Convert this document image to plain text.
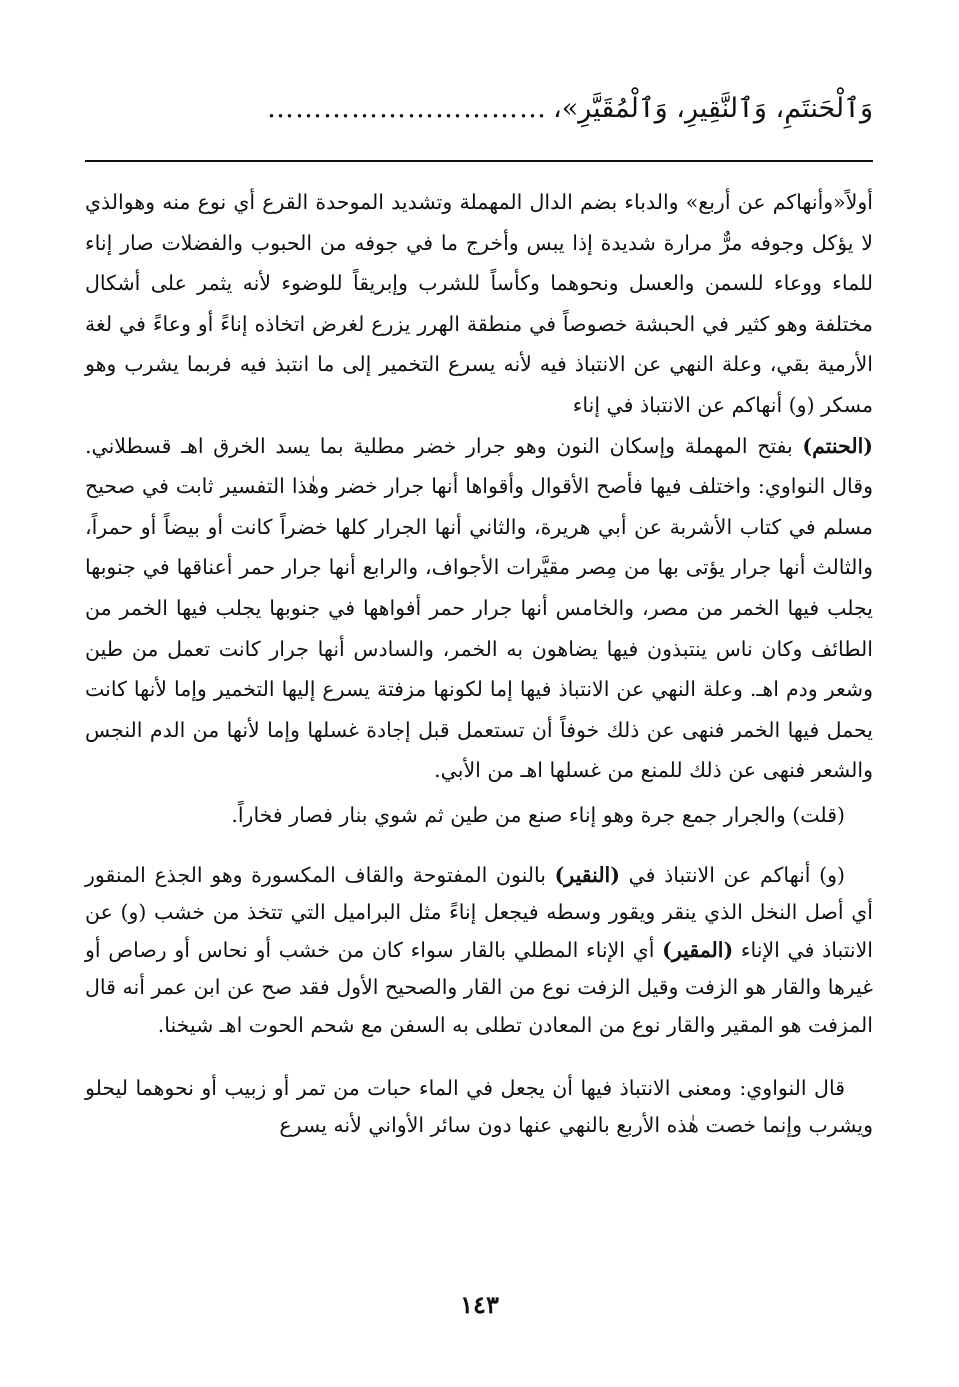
وَٱلْحَنتَمِ، وَٱلنَّقِيرِ، وَٱلْمُقَيَّرِ»،
…………………………

أولاً«وأنهاكم عن أربع» والدباء بضم الدال المهملة وتشديد الموحدة القرع أي نوع منه وهوالذي لا يؤكل وجوفه مرٌّ مرارة شديدة إذا يبس وأخرج ما في جوفه من الحبوب والفضلات صار إناء للماء ووعاء للسمن والعسل ونحوهما وكأساً للشرب وإبريقاً للوضوء لأنه يثمر على أشكال مختلفة وهو كثير في الحبشة خصوصاً في منطقة الهرر يزرع لغرض اتخاذه إناءً أو وعاءً في لغة الأرمية بقي، وعلة النهي عن الانتباذ فيه لأنه يسرع التخمير إلى ما انتبذ فيه فربما يشرب وهو مسكر (و) أنهاكم عن الانتباذ في إناء
(الحنتم) بفتح المهملة وإسكان النون وهو جرار خضر مطلية بما يسد الخرق اهـ قسطلاني. وقال النواوي: واختلف فيها فأصح الأقوال وأقواها أنها جرار خضر وهٰذا التفسير ثابت في صحيح مسلم في كتاب الأشربة عن أبي هريرة، والثاني أنها الجرار كلها خضراً كانت أو بيضاً أو حمراً، والثالث أنها جرار يؤتى بها من مِصر مقيَّرات الأجواف، والرابع أنها جرار حمر أعناقها في جنوبها يجلب فيها الخمر من مصر، والخامس أنها جرار حمر أفواهها في جنوبها يجلب فيها الخمر من الطائف وكان ناس ينتبذون فيها يضاهون به الخمر، والسادس أنها جرار كانت تعمل من طين وشعر ودم اهـ. وعلة النهي عن الانتباذ فيها إما لكونها مزفتة يسرع إليها التخمير وإما لأنها كانت يحمل فيها الخمر فنهى عن ذلك خوفاً أن تستعمل قبل إجادة غسلها وإما لأنها من الدم النجس والشعر فنهى عن ذلك للمنع من غسلها اهـ من الأبي.

(قلت) والجرار جمع جرة وهو إناء صنع من طين ثم شوي بنار فصار فخاراً.

(و) أنهاكم عن الانتباذ في (النقير) بالنون المفتوحة والقاف المكسورة وهو الجذع المنقور أي أصل النخل الذي ينقر ويقور وسطه فيجعل إناءً مثل البراميل التي تتخذ من خشب (و) عن الانتباذ في الإناء (المقير) أي الإناء المطلي بالقار سواء كان من خشب أو نحاس أو رصاص أو غيرها والقار هو الزفت وقيل الزفت نوع من القار والصحيح الأول فقد صح عن ابن عمر أنه قال المزفت هو المقير والقار نوع من المعادن تطلى به السفن مع شحم الحوت اهـ شيخنا.

قال النواوي: ومعنى الانتباذ فيها أن يجعل في الماء حبات من تمر أو زبيب أو نحوهما ليحلو ويشرب وإنما خصت هٰذه الأربع بالنهي عنها دون سائر الأواني لأنه يسرع

١٤٣
